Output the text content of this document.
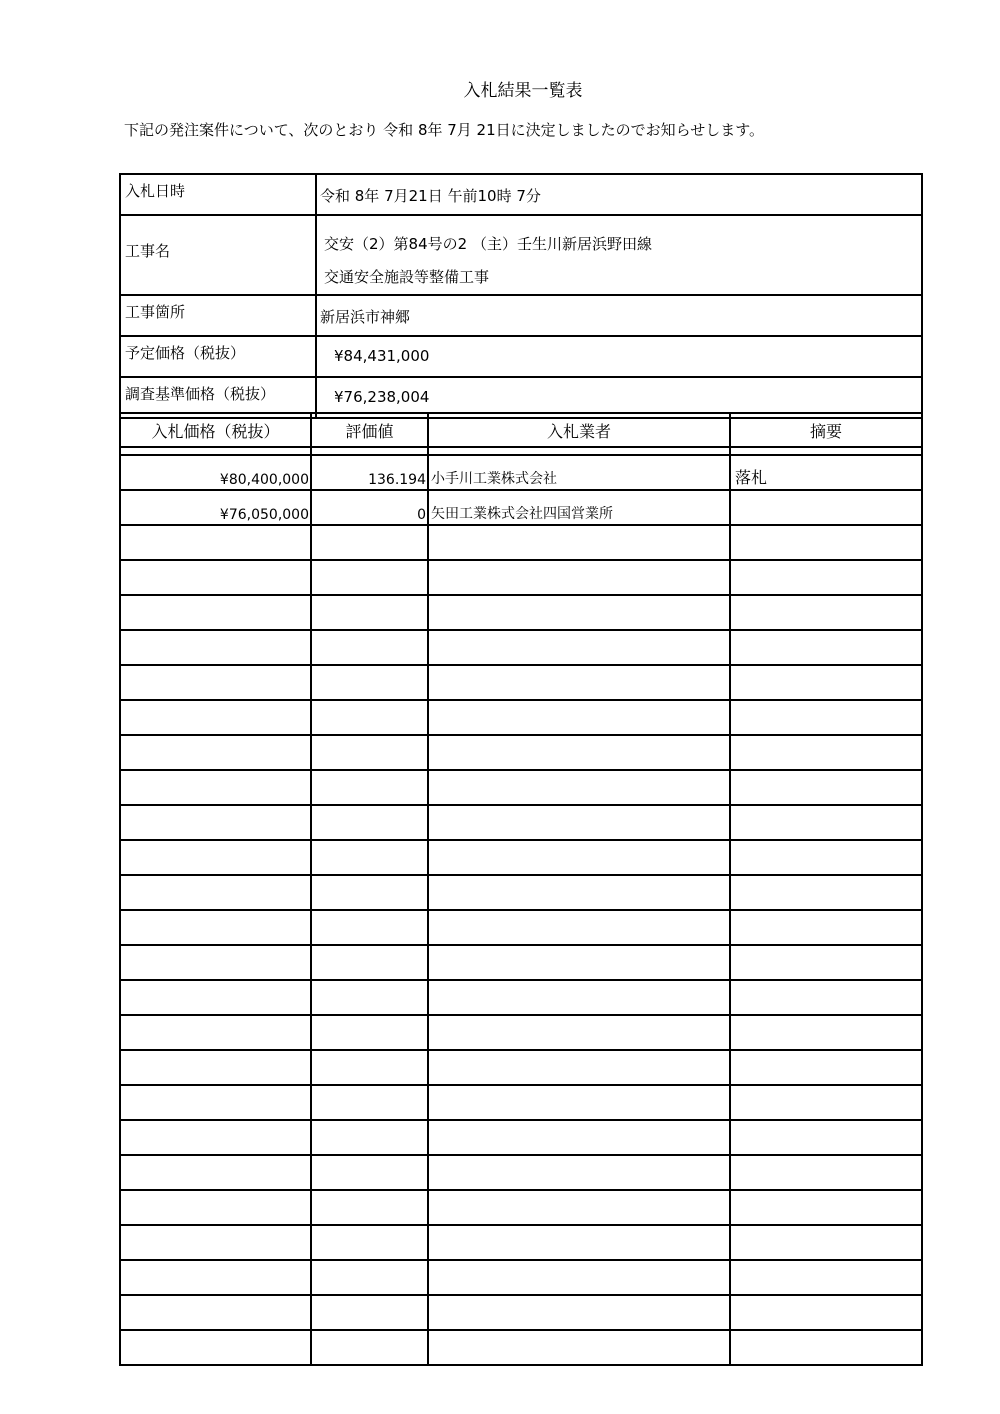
入札結果一覧表
下記の発注案件について、次のとおり 令和 8年 7月 21日に決定しましたのでお知らせします。
入札日時	令和 8年 7月21日 午前10時 7分
工事名	交安（2）第84号の2 （主）壬生川新居浜野田線
交通安全施設等整備工事

工事箇所	新居浜市神郷
予定価格（税抜）	¥84,431,000
調査基準価格（税抜）	¥76,238,004
入札価格（税抜）	評価値	入札業者	摘要

¥80,400,000	136.194	小手川工業株式会社	落札
¥76,050,000	0	矢田工業株式会社四国営業所	
